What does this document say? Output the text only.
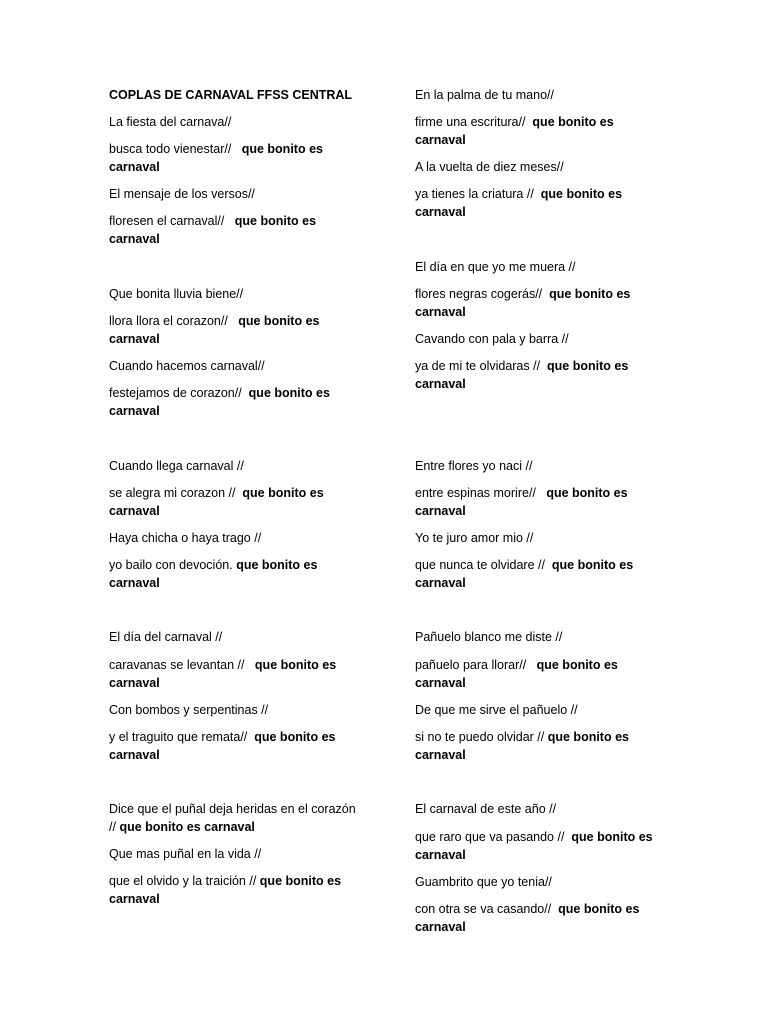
COPLAS DE CARNAVAL FFSS CENTRAL

La fiesta del carnava//

busca todo vienestar// que bonito es

carnaval

El mensaje de los versos//

floresen el carnaval// que bonito es

carnaval

Que bonita lluvia biene//

llora llora el corazon// que bonito es

carnaval

Cuando hacemos carnaval//

festejamos de corazon// que bonito es

carnaval

Cuando llega carnaval //

se alegra mi corazon // que bonito es

carnaval

Haya chicha o haya trago //

yo bailo con devoción. que bonito es

carnaval

El día del carnaval //

caravanas se levantan // que bonito es

carnaval

Con bombos y serpentinas //

y el traguito que remata// que bonito es

carnaval

Dice que el puñal deja heridas en el corazón

// que bonito es carnaval

Que mas puñal en la vida //

que el olvido y la traición // que bonito es

carnaval

En la palma de tu mano//

firme una escritura// que bonito es

carnaval

A la vuelta de diez meses//

ya tienes la criatura // que bonito es

carnaval

El día en que yo me muera //

flores negras cogerás// que bonito es

carnaval

Cavando con pala y barra //

ya de mi te olvidaras // que bonito es

carnaval

Entre flores yo naci //

entre espinas morire// que bonito es

carnaval

Yo te juro amor mio //

que nunca te olvidare // que bonito es

carnaval

Pañuelo blanco me diste //

pañuelo para llorar// que bonito es

carnaval

De que me sirve el pañuelo //

si no te puedo olvidar // que bonito es

carnaval

El carnaval de este año //

que raro que va pasando // que bonito es

carnaval

Guambrito que yo tenia//

con otra se va casando// que bonito es

carnaval
